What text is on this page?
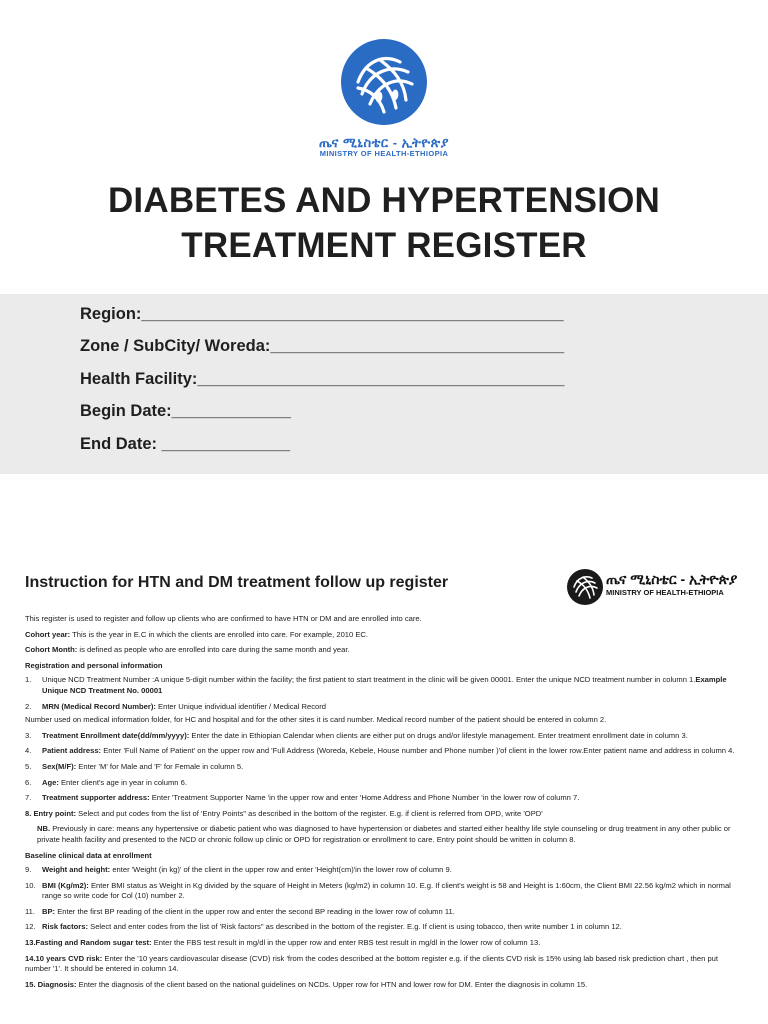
ጤና ሚኒስቴር - ኢትዮጵያ
MINISTRY OF HEALTH-ETHIOPIA
DIABETES AND HYPERTENSION
TREATMENT REGISTER
Region:______________________________________________
Zone / SubCity/ Woreda:________________________________
Health Facility:________________________________________
Begin Date:_____________
End Date: ______________
Instruction for HTN and DM treatment follow up register	ጤና ሚኒስቴር - ኢትዮጵያ
MINISTRY OF HEALTH-ETHIOPIA

This register is used to register and follow up clients who are confirmed to have HTN or DM and are enrolled into care.

Cohort year: This is the year in E.C in which the clients are enrolled into care. For example, 2010 EC.

Cohort Month: is defined as people who are enrolled into care during the same month and year.

Registration and personal information
1. Unique NCD Treatment Number :A unique 5-digit number within the facility; the first patient to start treatment in the clinic will be given 00001. Enter the unique NCD treatment number in column 1.Example Unique NCD Treatment No. 00001
2. MRN (Medical Record Number): Enter Unique individual identifier / Medical Record

Number used on medical information folder, for HC and hospital and for the other sites it is card number. Medical record number of the patient should be entered in column 2.

3. Treatment Enrollment date(dd/mm/yyyy): Enter the date in Ethiopian Calendar when clients are either put on drugs and/or lifestyle management. Enter treatment enrollment date in column 3.
4. Patient address: Enter 'Full Name of Patient' on the upper row and 'Full Address (Woreda, Kebele, House number and Phone number )'of client in the lower row.Enter patient name and address in column 4.
5. Sex(M/F): Enter 'M' for Male and 'F' for Female in column 5.
6. Age: Enter client's age in year in column 6.
7. Treatment supporter address: Enter 'Treatment Supporter Name 'in the upper row and enter 'Home Address and Phone Number 'in the lower row of column 7.

8. Entry point: Select and put codes from the list of 'Entry Points" as described in the bottom of the register. E.g. if client is referred from OPD, write 'OPD'

NB. Previously in care: means any hypertensive or diabetic patient who was diagnosed to have hypertension or diabetes and started either healthy life style counseling or drug treatment in any other public or private health facility and presented to the NCD or chronic follow up clinic or OPD for registration or enrollment to care. Entry point should be written in column 8.
Baseline clinical data at enrollment
9. Weight and height: enter 'Weight (in kg)' of the client in the upper row and enter 'Height(cm)'in the lower row of column 9.
10. BMI (Kg/m2): Enter BMI status as Weight in Kg divided by the square of Height in Meters (kg/m2) in column 10. E.g. If client's weight is 58 and Height is 1:60cm, the Client BMI 22.56 kg/m2 which in normal range so write code for Col (10) number 2.
11. BP: Enter the first BP reading of the client in the upper row and enter the second BP reading in the lower row of column 11.
12. Risk factors: Select and enter codes from the list of 'Risk factors" as described in the bottom of the register. E.g. If client is using tobacco, then write number 1 in column 12.

13.Fasting and Random sugar test: Enter the FBS test result in mg/dl in the upper row and enter RBS test result in mg/dl in the lower row of column 13.

14.10 years CVD risk: Enter the '10 years cardiovascular disease (CVD) risk 'from the codes described at the bottom register e.g. if the clients CVD risk is 15% using lab based risk prediction chart , then put number '1'. It should be entered in column 14.

15. Diagnosis: Enter the diagnosis of the client based on the national guidelines on NCDs. Upper row for HTN and lower row for DM. Enter the diagnosis in column 15.
